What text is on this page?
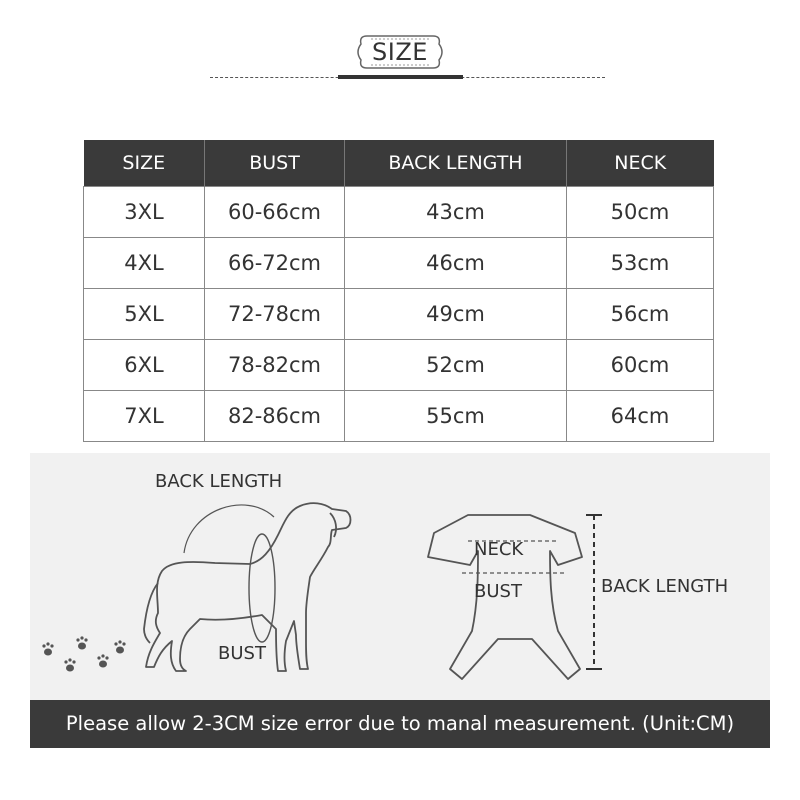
SIZE
SIZE	BUST	BACK LENGTH	NECK
3XL	60-66cm	43cm	50cm
4XL	66-72cm	46cm	53cm
5XL	72-78cm	49cm	56cm
6XL	78-82cm	52cm	60cm
7XL	82-86cm	55cm	64cm
BACK LENGTH
BUST
NECK
BUST	BACK LENGTH
Please allow 2-3CM size error due to manal measurement. (Unit:CM)
